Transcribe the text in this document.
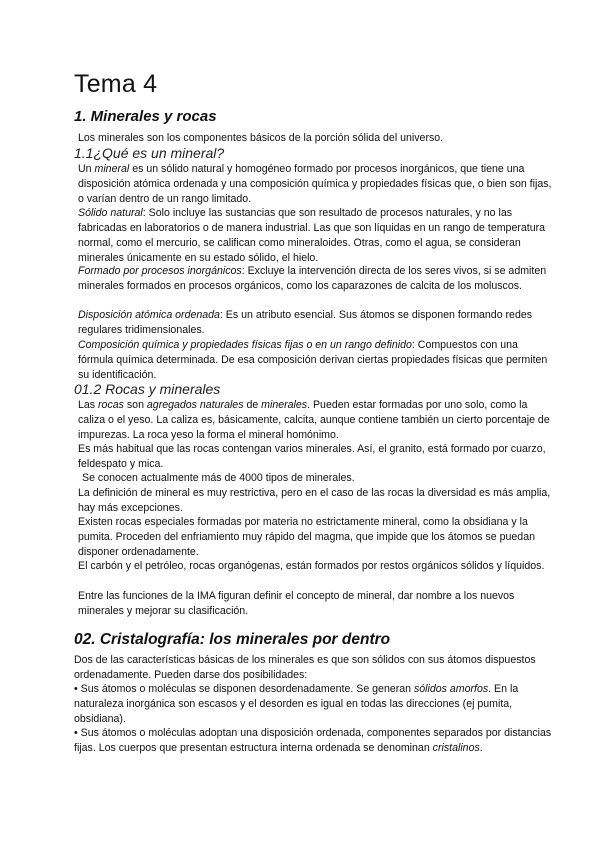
Tema 4
1. Minerales y rocas

Los minerales son los componentes básicos de la porción sólida del universo.

1.1¿Qué es un mineral?

Un mineral es un sólido natural y homogéneo formado por procesos inorgánicos, que tiene una disposición atómica ordenada y una composición química y propiedades físicas que, o bien son fijas, o varían dentro de un rango limitado.

Sólido natural: Solo incluye las sustancias que son resultado de procesos naturales, y no las fabricadas en laboratorios o de manera industrial. Las que son líquidas en un rango de temperatura normal, como el mercurio, se califican como mineraloides. Otras, como el agua, se consideran minerales únicamente en su estado sólido, el hielo.

Formado por procesos inorgánicos: Excluye la intervención directa de los seres vivos, si se admiten minerales formados en procesos orgánicos, como los caparazones de calcita de los moluscos.

Disposición atómica ordenada: Es un atributo esencial. Sus átomos se disponen formando redes regulares tridimensionales.

Composición química y propiedades físicas fijas o en un rango definido: Compuestos con una fórmula química determinada. De esa composición derivan ciertas propiedades físicas que permiten su identificación.

01.2 Rocas y minerales

Las rocas son agregados naturales de minerales. Pueden estar formadas por uno solo, como la caliza o el yeso. La caliza es, básicamente, calcita, aunque contiene también un cierto porcentaje de impurezas. La roca yeso la forma el mineral homónimo.

Es más habitual que las rocas contengan varios minerales. Así, el granito, está formado por cuarzo, feldespato y mica.

Se conocen actualmente más de 4000 tipos de minerales.

La definición de mineral es muy restrictiva, pero en el caso de las rocas la diversidad es más amplia, hay más excepciones.

Existen rocas especiales formadas por materia no estrictamente mineral, como la obsidiana y la pumita. Proceden del enfriamiento muy rápido del magma, que impide que los átomos se puedan disponer ordenadamente.

El carbón y el petróleo, rocas organógenas, están formados por restos orgánicos sólidos y líquidos.

Entre las funciones de la IMA figuran definir el concepto de mineral, dar nombre a los nuevos minerales y mejorar su clasificación.

02. Cristalografía: los minerales por dentro

Dos de las características básicas de los minerales es que son sólidos con sus átomos dispuestos ordenadamente. Pueden darse dos posibilidades:

• Sus átomos o moléculas se disponen desordenadamente. Se generan sólidos amorfos. En la naturaleza inorgánica son escasos y el desorden es igual en todas las direcciones (ej pumita, obsidiana).

• Sus átomos o moléculas adoptan una disposición ordenada, componentes separados por distancias fijas. Los cuerpos que presentan estructura interna ordenada se denominan cristalinos.
